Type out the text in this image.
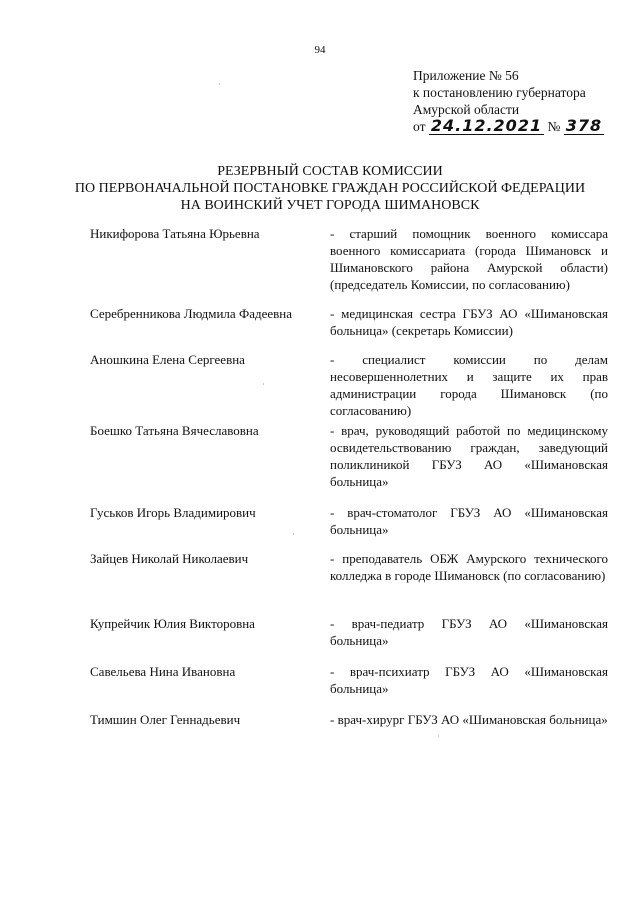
94
Приложение № 56
к постановлению губернатора
Амурской области
от 24.12.2021 № 378
РЕЗЕРВНЫЙ СОСТАВ КОМИССИИ
ПО ПЕРВОНАЧАЛЬНОЙ ПОСТАНОВКЕ ГРАЖДАН РОССИЙСКОЙ ФЕДЕРАЦИИ
НА ВОИНСКИЙ УЧЕТ ГОРОДА ШИМАНОВСК
Никифорова Татьяна Юрьевна	- старший помощник военного комиссара военного комиссариата (города Шимановск и Шимановского района Амурской области) (председатель Комиссии, по согласованию)
Серебренникова Людмила Фадеевна	- медицинская сестра ГБУЗ АО «Шимановская больница» (секретарь Комиссии)
Аношкина Елена Сергеевна	- специалист комиссии по делам несовершеннолетних и защите их прав администрации города Шимановск (по согласованию)
Боешко Татьяна Вячеславовна	- врач, руководящий работой по медицинскому освидетельствованию граждан, заведующий поликлиникой ГБУЗ АО «Шимановская больница»
Гуськов Игорь Владимирович	- врач-стоматолог ГБУЗ АО «Шимановская больница»
Зайцев Николай Николаевич	- преподаватель ОБЖ Амурского технического колледжа в городе Шимановск (по согласованию)
Купрейчик Юлия Викторовна	- врач-педиатр ГБУЗ АО «Шимановская больница»
Савельева Нина Ивановна	- врач-психиатр ГБУЗ АО «Шимановская больница»
Тимшин Олег Геннадьевич	- врач-хирург ГБУЗ АО «Шимановская больница»
·
·
·
·
